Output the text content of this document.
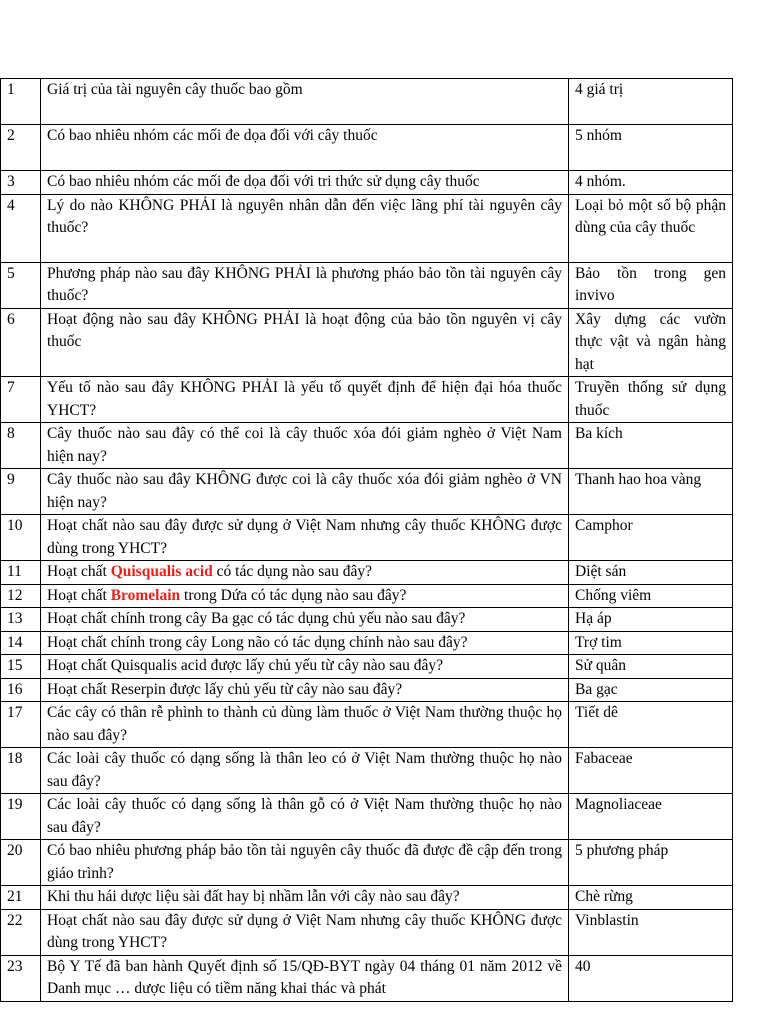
1	Giá trị của tài nguyên cây thuốc bao gồm	4 giá trị
2	Có bao nhiêu nhóm các mối đe dọa đối với cây thuốc	5 nhóm
3	Có bao nhiêu nhóm các mối đe dọa đối với tri thức sử dụng cây thuốc	4 nhóm.
4	Lý do nào KHÔNG PHẢI là nguyên nhân dẫn đến việc lãng phí tài nguyên cây thuốc?	Loại bỏ một số bộ phận dùng của cây thuốc
5	Phương pháp nào sau đây KHÔNG PHẢI là phương pháo bảo tồn tài nguyên cây thuốc?	Bảo tồn trong gen invivo
6	Hoạt động nào sau đây KHÔNG PHẢI là hoạt động của bảo tồn nguyên vị cây thuốc	Xây dựng các vườn thực vật và ngân hàng hạt
7	Yếu tố nào sau đây KHÔNG PHẢI là yếu tố quyết định để hiện đại hóa thuốc YHCT?	Truyền thống sử dụng thuốc
8	Cây thuốc nào sau đây có thể coi là cây thuốc xóa đói giảm nghèo ở Việt Nam hiện nay?	Ba kích
9	Cây thuốc nào sau đây KHÔNG được coi là cây thuốc xóa đói giảm nghèo ở VN hiện nay?	Thanh hao hoa vàng
10	Hoạt chất nào sau đây được sử dụng ở Việt Nam nhưng cây thuốc KHÔNG được dùng trong YHCT?	Camphor
11	Hoạt chất Quisqualis acid có tác dụng nào sau đây?	Diệt sán
12	Hoạt chất Bromelain trong Dứa có tác dụng nào sau đây?	Chống viêm
13	Hoạt chất chính trong cây Ba gạc có tác dụng chủ yếu nào sau đây?	Hạ áp
14	Hoạt chất chính trong cây Long não có tác dụng chính nào sau đây?	Trợ tim
15	Hoạt chất Quisqualis acid được lấy chủ yếu từ cây nào sau đây?	Sử quân
16	Hoạt chất Reserpin được lấy chủ yếu từ cây nào sau đây?	Ba gạc
17	Các cây có thân rễ phình to thành củ dùng làm thuốc ở Việt Nam thường thuộc họ nào sau đây?	Tiết dê
18	Các loài cây thuốc có dạng sống là thân leo có ở Việt Nam thường thuộc họ nào sau đây?	Fabaceae
19	Các loài cây thuốc có dạng sống là thân gỗ có ở Việt Nam thường thuộc họ nào sau đây?	Magnoliaceae
20	Có bao nhiêu phương pháp bảo tồn tài nguyên cây thuốc đã được đề cập đến trong giáo trình?	5 phương pháp
21	Khi thu hái dược liệu sài đất hay bị nhầm lẫn với cây nào sau đây?	Chè rừng
22	Hoạt chất nào sau đây được sử dụng ở Việt Nam nhưng cây thuốc KHÔNG được dùng trong YHCT?	Vinblastin
23	Bộ Y Tế đã ban hành Quyết định số 15/QĐ-BYT ngày 04 tháng 01 năm 2012 về Danh mục … dược liệu có tiềm năng khai thác và phát	40
